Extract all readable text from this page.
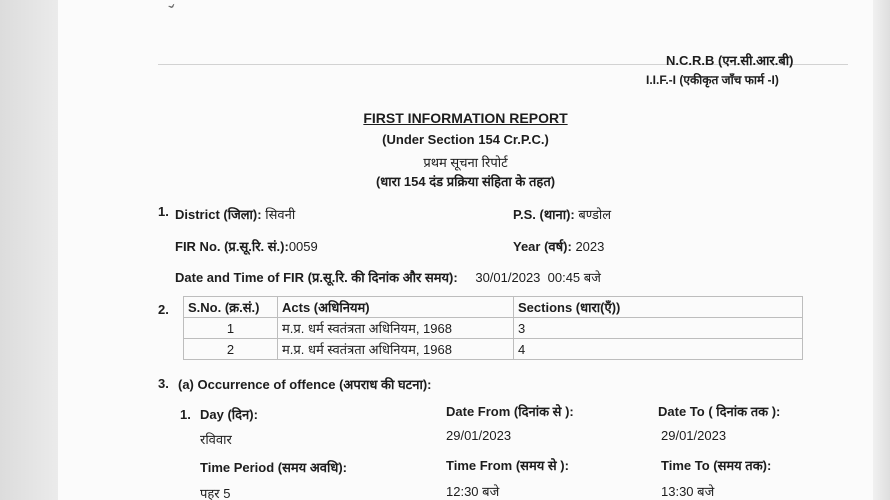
ˇ
N.C.R.B (एन.सी.आर.बी)
I.I.F.-I (एकीकृत जाँच फार्म -I)
FIRST INFORMATION REPORT
(Under Section 154 Cr.P.C.)
प्रथम सूचना रिपोर्ट
(धारा 154 दंड प्रक्रिया संहिता के तहत)
1. District (जिला): सिवनी	P.S. (थाना): बण्डोल
FIR No. (प्र.सू.रि. सं.):0059	Year (वर्ष): 2023
Date and Time of FIR (प्र.सू.रि. की दिनांक और समय): 30/01/2023  00:45 बजे
2. S.No. (क्र.सं.)	Acts (अधिनियम)	Sections (धारा(एँ))
1	म.प्र. धर्म स्वतंत्रता अधिनियम, 1968	3
2	म.प्र. धर्म स्वतंत्रता अधिनियम, 1968	4
3. (a) Occurrence of offence (अपराध की घटना):
1. Day (दिन):
रविवार
Date From (दिनांक से ):
29/01/2023
Date To ( दिनांक तक ):
29/01/2023
Time Period (समय अवधि):
पहर 5
Time From (समय से ):
12:30 बजे
Time To (समय तक):
13:30 बजे
